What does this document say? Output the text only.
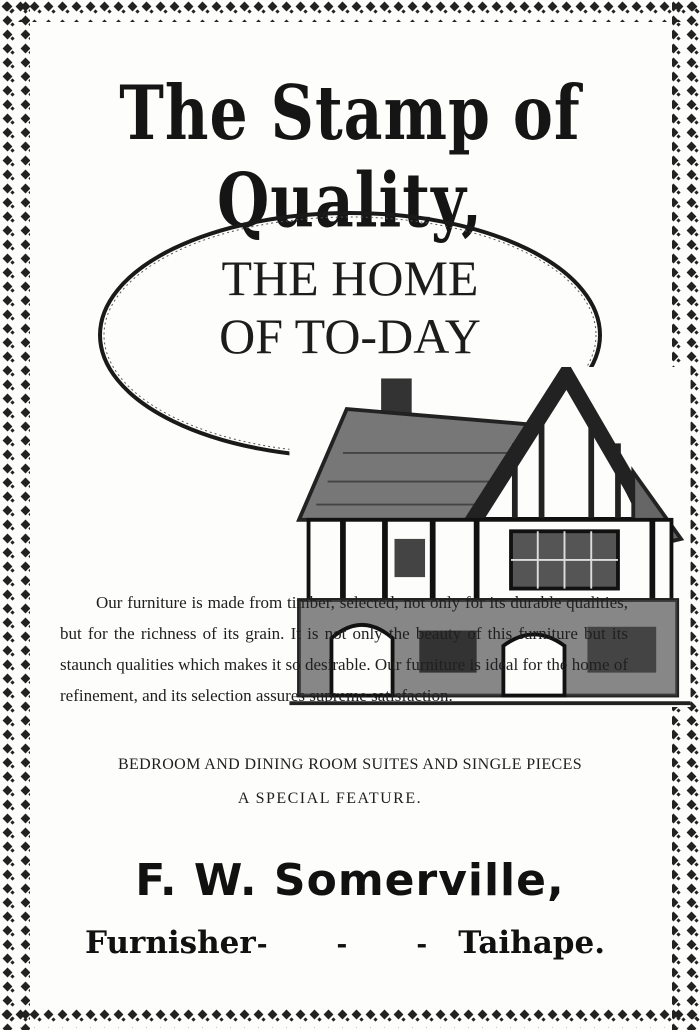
The Stamp of Quality,
THE HOME
OF TO-DAY

Our furniture is made from timber, selected, not only for its durable qualities, but for the richness of its grain. It is not only the beauty of this furniture but its staunch qualities which makes it so desirable. Our furniture is ideal for the home of refinement, and its selection assures supreme satisfaction.

BEDROOM AND DINING ROOM SUITES AND SINGLE PIECES
A SPECIAL FEATURE.
F. W. Somerville,
Furnisher - - - Taihape.
